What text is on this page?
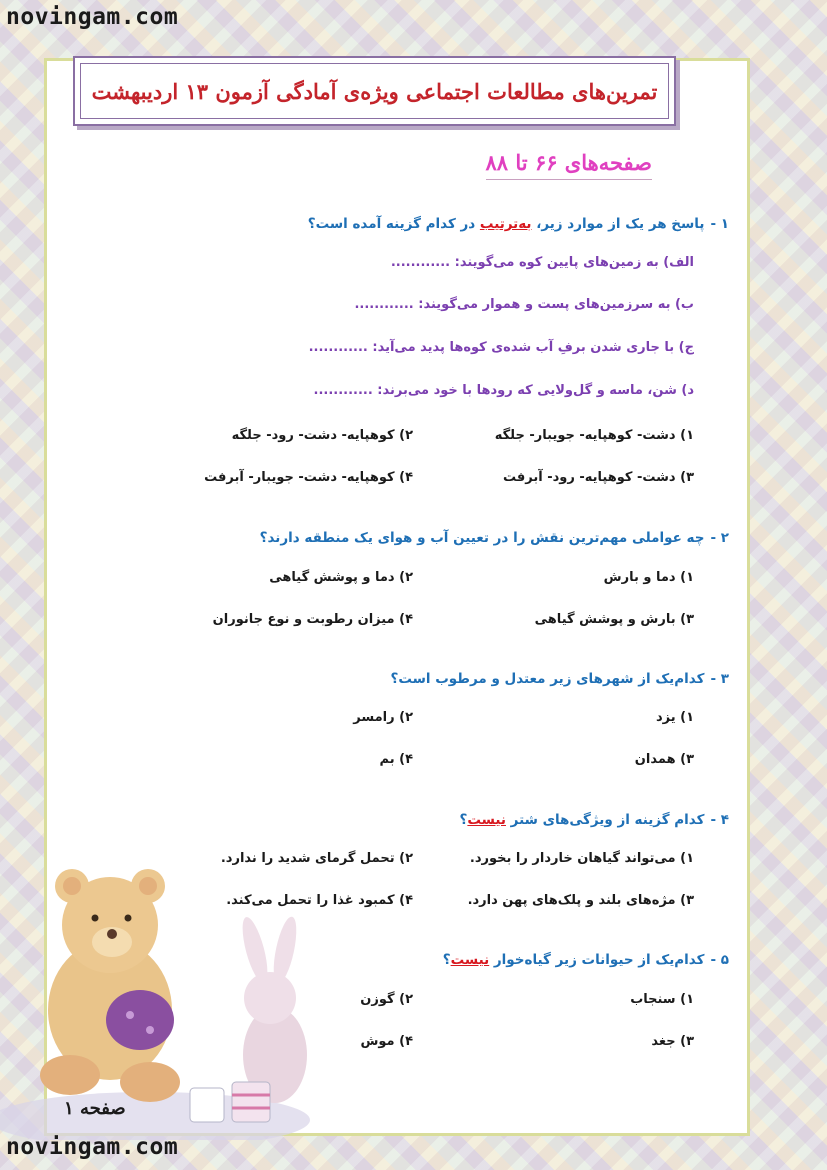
novingam.com
تمرین‌های مطالعات اجتماعی ویژه‌ی آمادگی آزمون ۱۳ اردیبهشت
صفحه‌های ۶۶ تا ۸۸
۱ -پاسخ هر یک از موارد زیر، به‌ترتیب در کدام گزینه آمده است؟
الف) به زمین‌های پایین کوه می‌گویند: ............
ب) به سرزمین‌های پست و هموار می‌گویند: ............
ج) با جاری شدن برفِ آب شده‌ی کوه‌ها پدید می‌آید: ............
د) شن، ماسه و گل‌ولایی که رودها با خود می‌برند: ............
۱) دشت- کوهپایه- جویبار- جلگه
۲) کوهپایه- دشت- رود- جلگه
۳) دشت- کوهپایه- رود- آبرفت
۴) کوهپایه- دشت- جویبار- آبرفت
۲ -چه عواملی مهم‌ترین نقش را در تعیین آب و هوای یک منطقه دارند؟
۱) دما و بارش
۲) دما و پوشش گیاهی
۳) بارش و پوشش گیاهی
۴) میزان رطوبت و نوع جانوران
۳ -کدام‌یک از شهرهای زیر معتدل و مرطوب است؟
۱) یزد
۲) رامسر
۳) همدان
۴) بم
۴ -کدام گزینه از ویژگی‌های شتر نیست؟
۱) می‌تواند گیاهان خاردار را بخورد.
۲) تحمل گرمای شدید را ندارد.
۳) مژه‌های بلند و پلک‌های پهن دارد.
۴) کمبود غذا را تحمل می‌کند.
۵ -کدام‌یک از حیوانات زیر گیاه‌خوار نیست؟
۱) سنجاب
۲) گوزن
۳) جغد
۴) موش
صفحه ۱
novingam.com
